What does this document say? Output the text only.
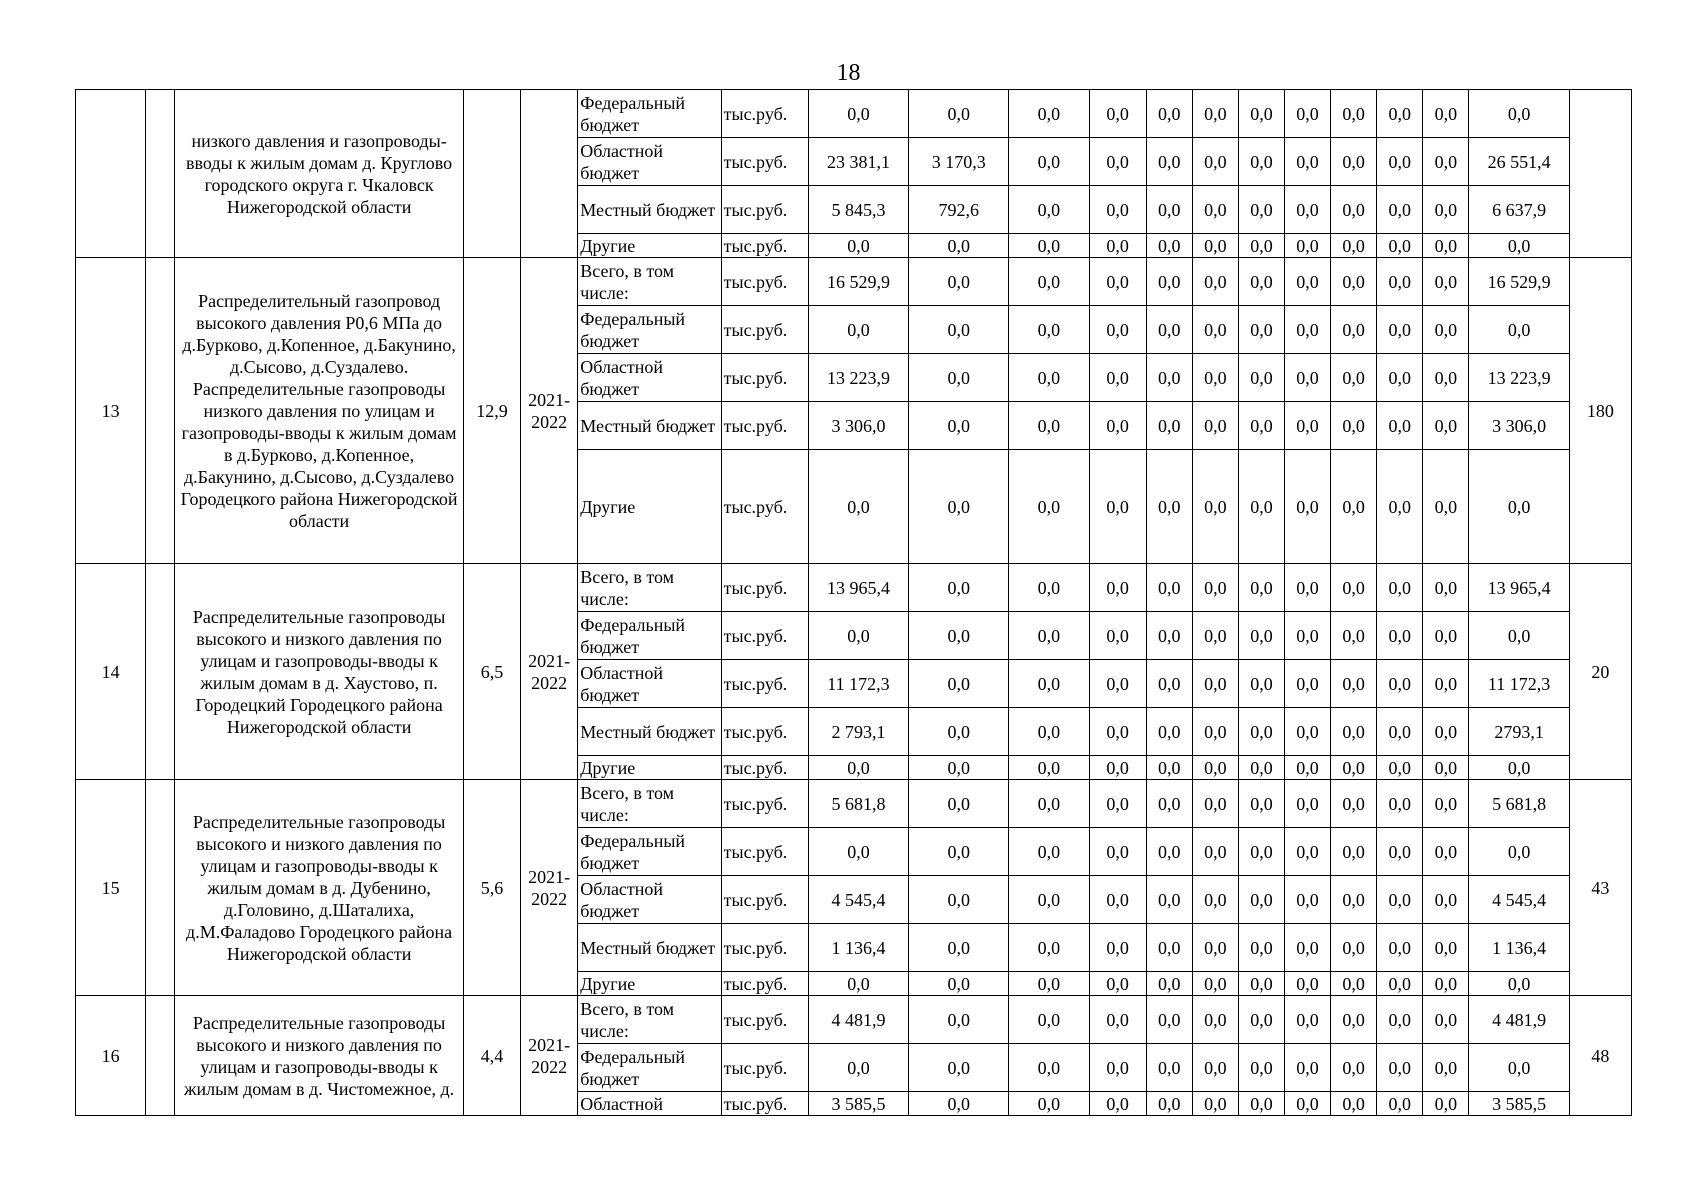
18
		низкого давления и газопроводы-вводы к жилым домам д. Круглово городского округа г. Чкаловск Нижегородской области			Федеральный бюджет	тыс.руб.	0,0	0,0	0,0	0,0	0,0	0,0	0,0	0,0	0,0	0,0	0,0	0,0	
					Областной бюджет	тыс.руб.	23 381,1	3 170,3	0,0	0,0	0,0	0,0	0,0	0,0	0,0	0,0	0,0	26 551,4	
					Местный бюджет	тыс.руб.	5 845,3	792,6	0,0	0,0	0,0	0,0	0,0	0,0	0,0	0,0	0,0	6 637,9	
					Другие	тыс.руб.	0,0	0,0	0,0	0,0	0,0	0,0	0,0	0,0	0,0	0,0	0,0	0,0	
13		Распределительный газопровод высокого давления Р0,6 МПа до д.Бурково, д.Копенное, д.Бакунино, д.Сысово, д.Суздалево. Распределительные газопроводы низкого давления по улицам и газопроводы-вводы к жилым домам в д.Бурково, д.Копенное, д.Бакунино, д.Сысово, д.Суздалево Городецкого района Нижегородской области	12,9	2021-2022	Всего, в том числе:	тыс.руб.	16 529,9	0,0	0,0	0,0	0,0	0,0	0,0	0,0	0,0	0,0	0,0	16 529,9	180
					Федеральный бюджет	тыс.руб.	0,0	0,0	0,0	0,0	0,0	0,0	0,0	0,0	0,0	0,0	0,0	0,0	
					Областной бюджет	тыс.руб.	13 223,9	0,0	0,0	0,0	0,0	0,0	0,0	0,0	0,0	0,0	0,0	13 223,9	
					Местный бюджет	тыс.руб.	3 306,0	0,0	0,0	0,0	0,0	0,0	0,0	0,0	0,0	0,0	0,0	3 306,0	
					Другие	тыс.руб.	0,0	0,0	0,0	0,0	0,0	0,0	0,0	0,0	0,0	0,0	0,0	0,0	
14		Распределительные газопроводы высокого и низкого давления по улицам и газопроводы-вводы к жилым домам в д. Хаустово, п. Городецкий Городецкого района Нижегородской области	6,5	2021-2022	Всего, в том числе:	тыс.руб.	13 965,4	0,0	0,0	0,0	0,0	0,0	0,0	0,0	0,0	0,0	0,0	13 965,4	20
					Федеральный бюджет	тыс.руб.	0,0	0,0	0,0	0,0	0,0	0,0	0,0	0,0	0,0	0,0	0,0	0,0	
					Областной бюджет	тыс.руб.	11 172,3	0,0	0,0	0,0	0,0	0,0	0,0	0,0	0,0	0,0	0,0	11 172,3	
					Местный бюджет	тыс.руб.	2 793,1	0,0	0,0	0,0	0,0	0,0	0,0	0,0	0,0	0,0	0,0	2793,1	
					Другие	тыс.руб.	0,0	0,0	0,0	0,0	0,0	0,0	0,0	0,0	0,0	0,0	0,0	0,0	
15		Распределительные газопроводы высокого и низкого давления по улицам и газопроводы-вводы к жилым домам в д. Дубенино, д.Головино, д.Шаталиха, д.М.Фаладово Городецкого района Нижегородской области	5,6	2021-2022	Всего, в том числе:	тыс.руб.	5 681,8	0,0	0,0	0,0	0,0	0,0	0,0	0,0	0,0	0,0	0,0	5 681,8	43
					Федеральный бюджет	тыс.руб.	0,0	0,0	0,0	0,0	0,0	0,0	0,0	0,0	0,0	0,0	0,0	0,0	
					Областной бюджет	тыс.руб.	4 545,4	0,0	0,0	0,0	0,0	0,0	0,0	0,0	0,0	0,0	0,0	4 545,4	
					Местный бюджет	тыс.руб.	1 136,4	0,0	0,0	0,0	0,0	0,0	0,0	0,0	0,0	0,0	0,0	1 136,4	
					Другие	тыс.руб.	0,0	0,0	0,0	0,0	0,0	0,0	0,0	0,0	0,0	0,0	0,0	0,0	
16		Распределительные газопроводы высокого и низкого давления по улицам и газопроводы-вводы к жилым домам в д. Чистомежное, д.	4,4	2021-2022	Всего, в том числе:	тыс.руб.	4 481,9	0,0	0,0	0,0	0,0	0,0	0,0	0,0	0,0	0,0	0,0	4 481,9	48
					Федеральный бюджет	тыс.руб.	0,0	0,0	0,0	0,0	0,0	0,0	0,0	0,0	0,0	0,0	0,0	0,0	
					Областной	тыс.руб.	3 585,5	0,0	0,0	0,0	0,0	0,0	0,0	0,0	0,0	0,0	0,0	3 585,5	
